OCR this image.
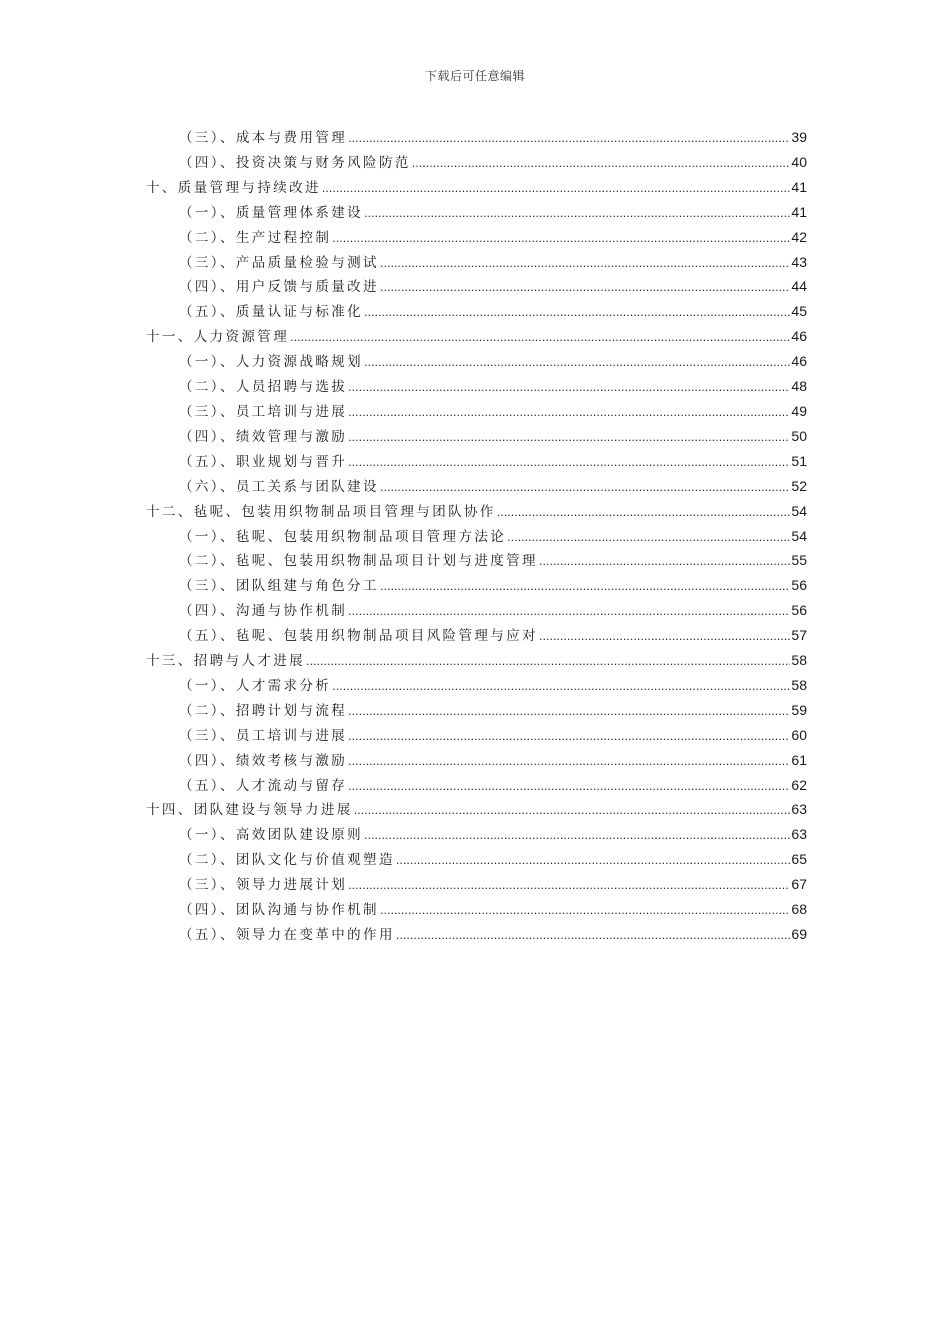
下载后可任意编辑
（三）、成本与费用管理 .....	39
（四）、投资决策与财务风险防范 .....	40
十、质量管理与持续改进 .....	41
（一）、质量管理体系建设 .....	41
（二）、生产过程控制 .....	42
（三）、产品质量检验与测试 .....	43
（四）、用户反馈与质量改进 .....	44
（五）、质量认证与标准化 .....	45
十一、人力资源管理 .....	46
（一）、人力资源战略规划 .....	46
（二）、人员招聘与选拔 .....	48
（三）、员工培训与进展 .....	49
（四）、绩效管理与激励 .....	50
（五）、职业规划与晋升 .....	51
（六）、员工关系与团队建设 .....	52
十二、毡呢、包装用织物制品项目管理与团队协作 .....	54
（一）、毡呢、包装用织物制品项目管理方法论 .....	54
（二）、毡呢、包装用织物制品项目计划与进度管理 .....	55
（三）、团队组建与角色分工 .....	56
（四）、沟通与协作机制 .....	56
（五）、毡呢、包装用织物制品项目风险管理与应对 .....	57
十三、招聘与人才进展 .....	58
（一）、人才需求分析 .....	58
（二）、招聘计划与流程 .....	59
（三）、员工培训与进展 .....	60
（四）、绩效考核与激励 .....	61
（五）、人才流动与留存 .....	62
十四、团队建设与领导力进展 .....	63
（一）、高效团队建设原则 .....	63
（二）、团队文化与价值观塑造 .....	65
（三）、领导力进展计划 .....	67
（四）、团队沟通与协作机制 .....	68
（五）、领导力在变革中的作用 .....	69
